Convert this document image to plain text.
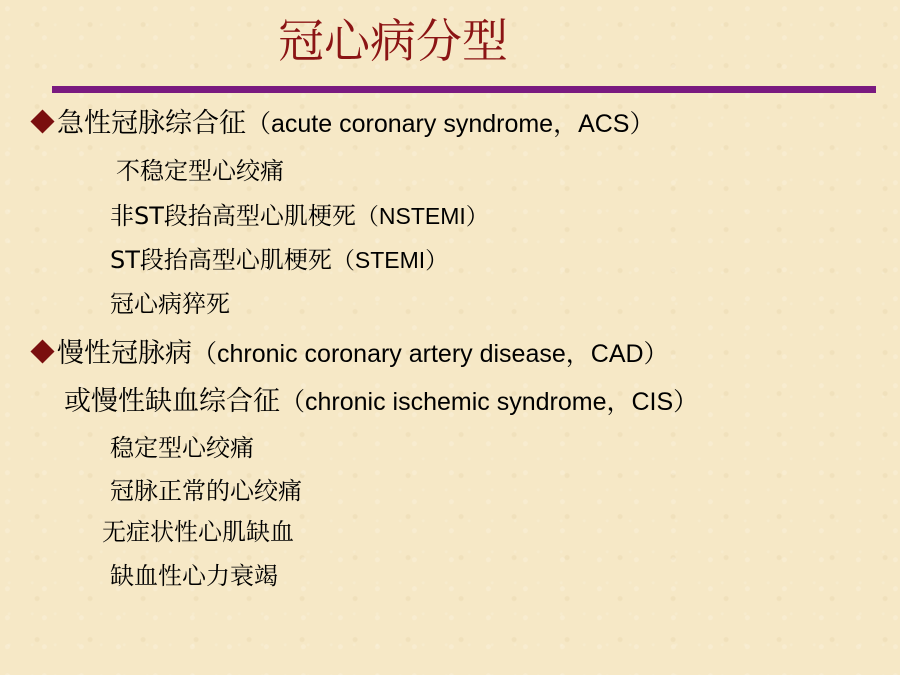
冠心病分型
急性冠脉综合征（acute coronary syndrome，ACS）
不稳定型心绞痛
非ST段抬高型心肌梗死（NSTEMI）
ST段抬高型心肌梗死（STEMI）
冠心病猝死
慢性冠脉病（chronic coronary artery disease，CAD）
或慢性缺血综合征（chronic ischemic syndrome，CIS）
稳定型心绞痛
冠脉正常的心绞痛
无症状性心肌缺血
缺血性心力衰竭
